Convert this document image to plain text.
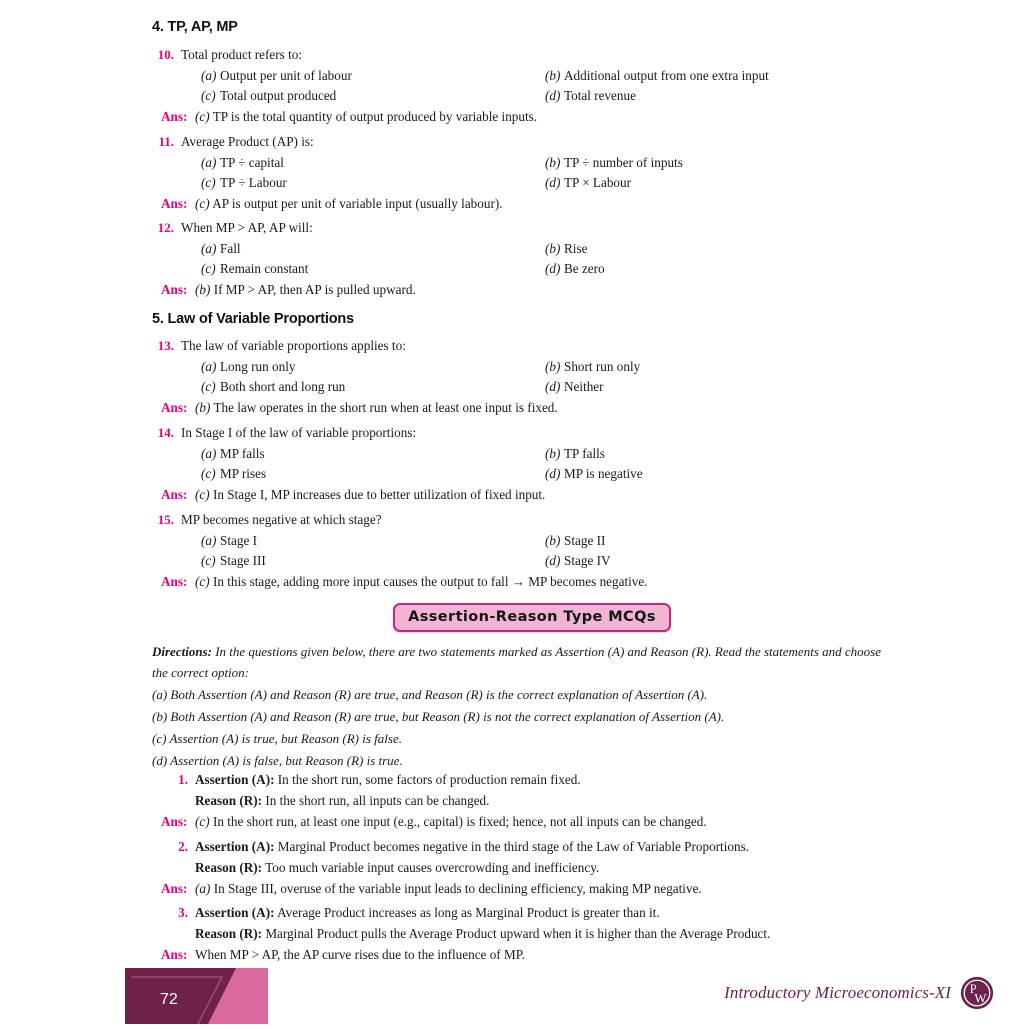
4. TP, AP, MP
10. Total product refers to:
(a) Output per unit of labour	(b) Additional output from one extra input
(c) Total output produced	(d) Total revenue
Ans: (c) TP is the total quantity of output produced by variable inputs.
11. Average Product (AP) is:
(a) TP ÷ capital	(b) TP ÷ number of inputs
(c) TP ÷ Labour	(d) TP × Labour
Ans: (c) AP is output per unit of variable input (usually labour).
12. When MP > AP, AP will:
(a) Fall	(b) Rise
(c) Remain constant	(d) Be zero
Ans: (b) If MP > AP, then AP is pulled upward.
5. Law of Variable Proportions
13. The law of variable proportions applies to:
(a) Long run only	(b) Short run only
(c) Both short and long run	(d) Neither
Ans: (b) The law operates in the short run when at least one input is fixed.
14. In Stage I of the law of variable proportions:
(a) MP falls	(b) TP falls
(c) MP rises	(d) MP is negative
Ans: (c) In Stage I, MP increases due to better utilization of fixed input.
15. MP becomes negative at which stage?
(a) Stage I	(b) Stage II
(c) Stage III	(d) Stage IV
Ans: (c) In this stage, adding more input causes the output to fall → MP becomes negative.
Assertion-Reason Type MCQs
Directions: In the questions given below, there are two statements marked as Assertion (A) and Reason (R). Read the statements and choose the correct option:
(a) Both Assertion (A) and Reason (R) are true, and Reason (R) is the correct explanation of Assertion (A).
(b) Both Assertion (A) and Reason (R) are true, but Reason (R) is not the correct explanation of Assertion (A).
(c) Assertion (A) is true, but Reason (R) is false.
(d) Assertion (A) is false, but Reason (R) is true.
1. Assertion (A): In the short run, some factors of production remain fixed.
Reason (R): In the short run, all inputs can be changed.
Ans: (c) In the short run, at least one input (e.g., capital) is fixed; hence, not all inputs can be changed.
2. Assertion (A): Marginal Product becomes negative in the third stage of the Law of Variable Proportions.
Reason (R): Too much variable input causes overcrowding and inefficiency.
Ans: (a) In Stage III, overuse of the variable input leads to declining efficiency, making MP negative.
3. Assertion (A): Average Product increases as long as Marginal Product is greater than it.
Reason (R): Marginal Product pulls the Average Product upward when it is higher than the Average Product.
Ans: When MP > AP, the AP curve rises due to the influence of MP.
72	Introductory Microeconomics-XI P
W
